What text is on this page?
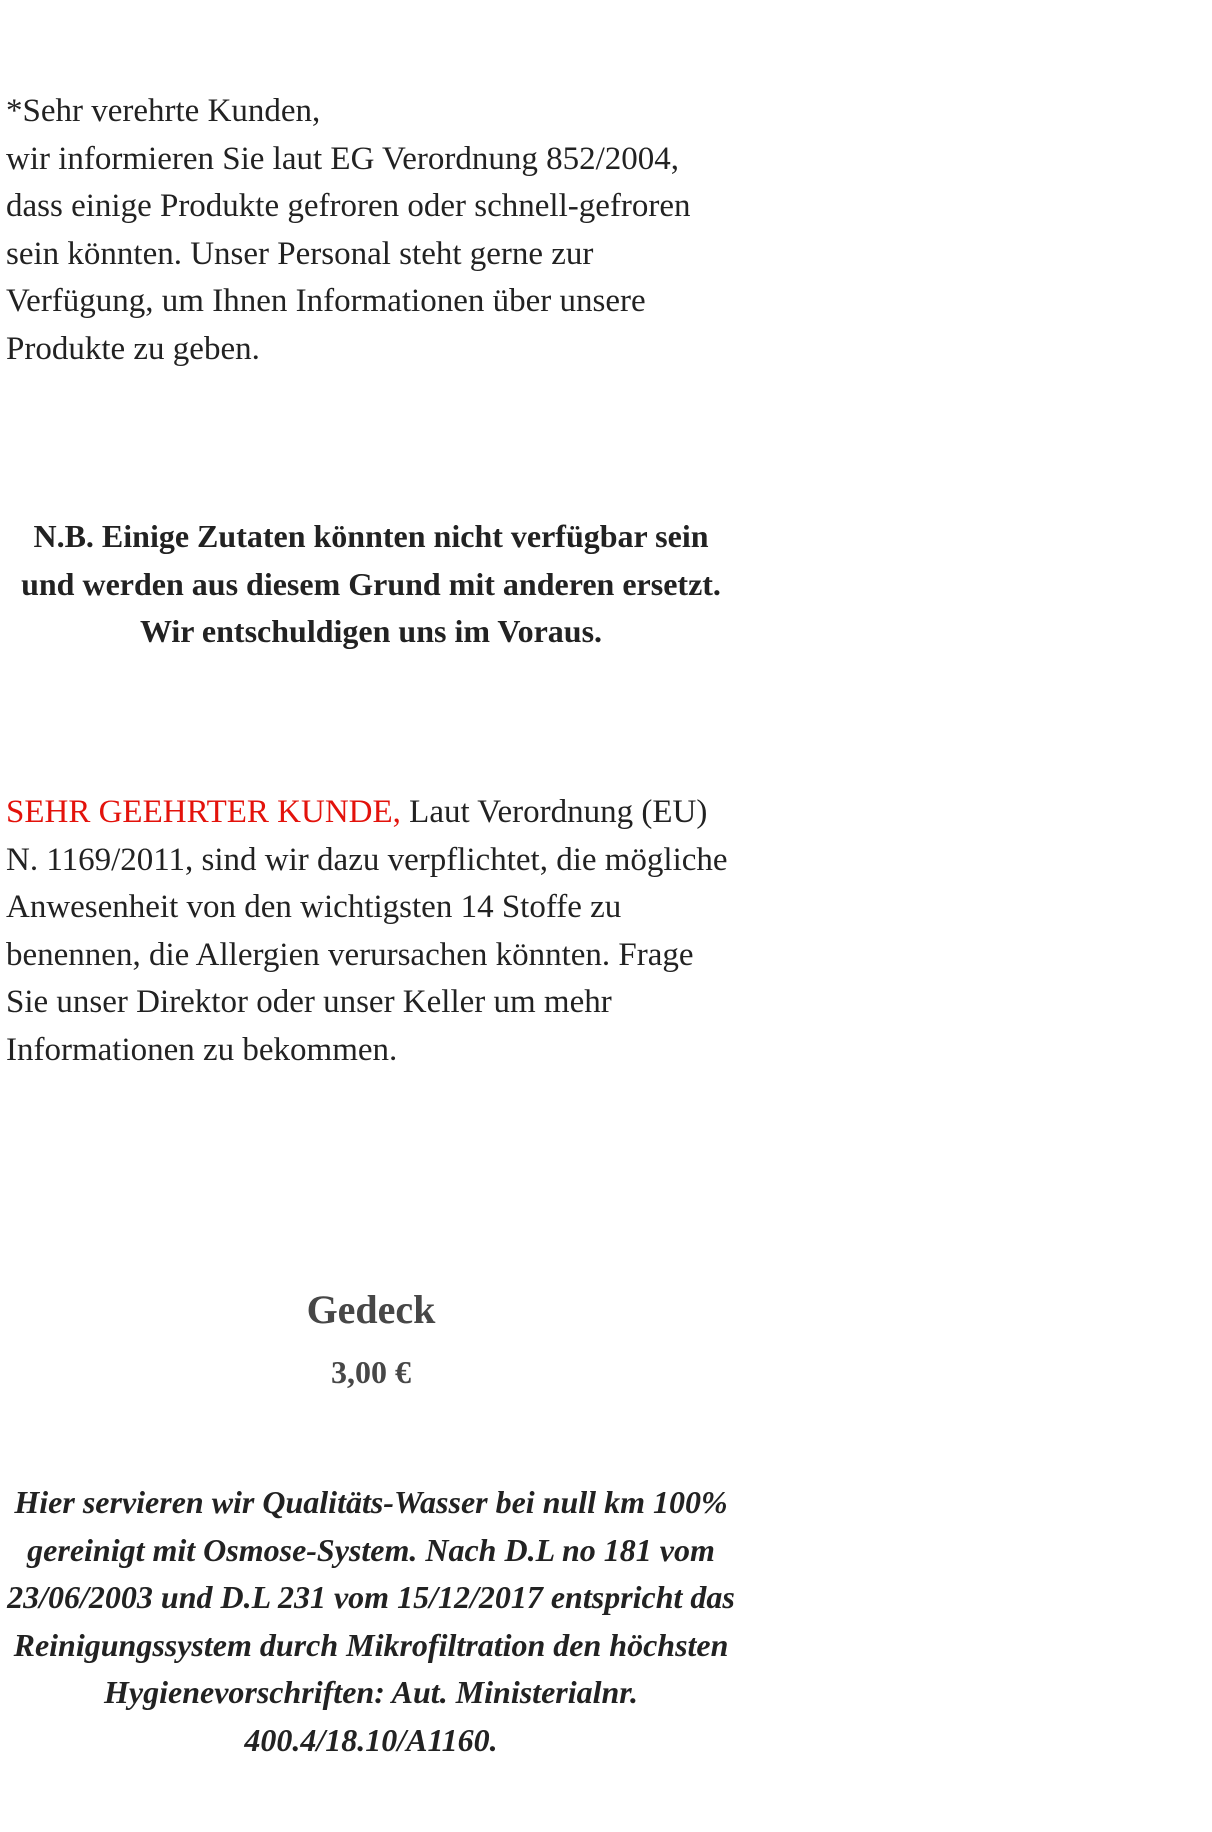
*Sehr verehrte Kunden,

wir informieren Sie laut EG Verordnung 852/2004, dass einige Produkte gefroren oder schnell-gefroren sein könnten. Unser Personal steht gerne zur Verfügung, um Ihnen Informationen über unsere Produkte zu geben.

N.B. Einige Zutaten könnten nicht verfügbar sein und werden aus diesem Grund mit anderen ersetzt. Wir entschuldigen uns im Voraus.

SEHR GEEHRTER KUNDE, Laut Verordnung (EU) N. 1169/2011, sind wir dazu verpflichtet, die mögliche Anwesenheit von den wichtigsten 14 Stoffe zu benennen, die Allergien verursachen könnten. Frage Sie unser Direktor oder unser Keller um mehr Informationen zu bekommen.

Gedeck

3,00 €

Hier servieren wir Qualitäts-Wasser bei null km 100% gereinigt mit Osmose-System. Nach D.L no 181 vom 23/06/2003 und D.L 231 vom 15/12/2017 entspricht das Reinigungssystem durch Mikrofiltration den höchsten Hygienevorschriften: Aut. Ministerialnr. 400.4/18.10/A1160.
